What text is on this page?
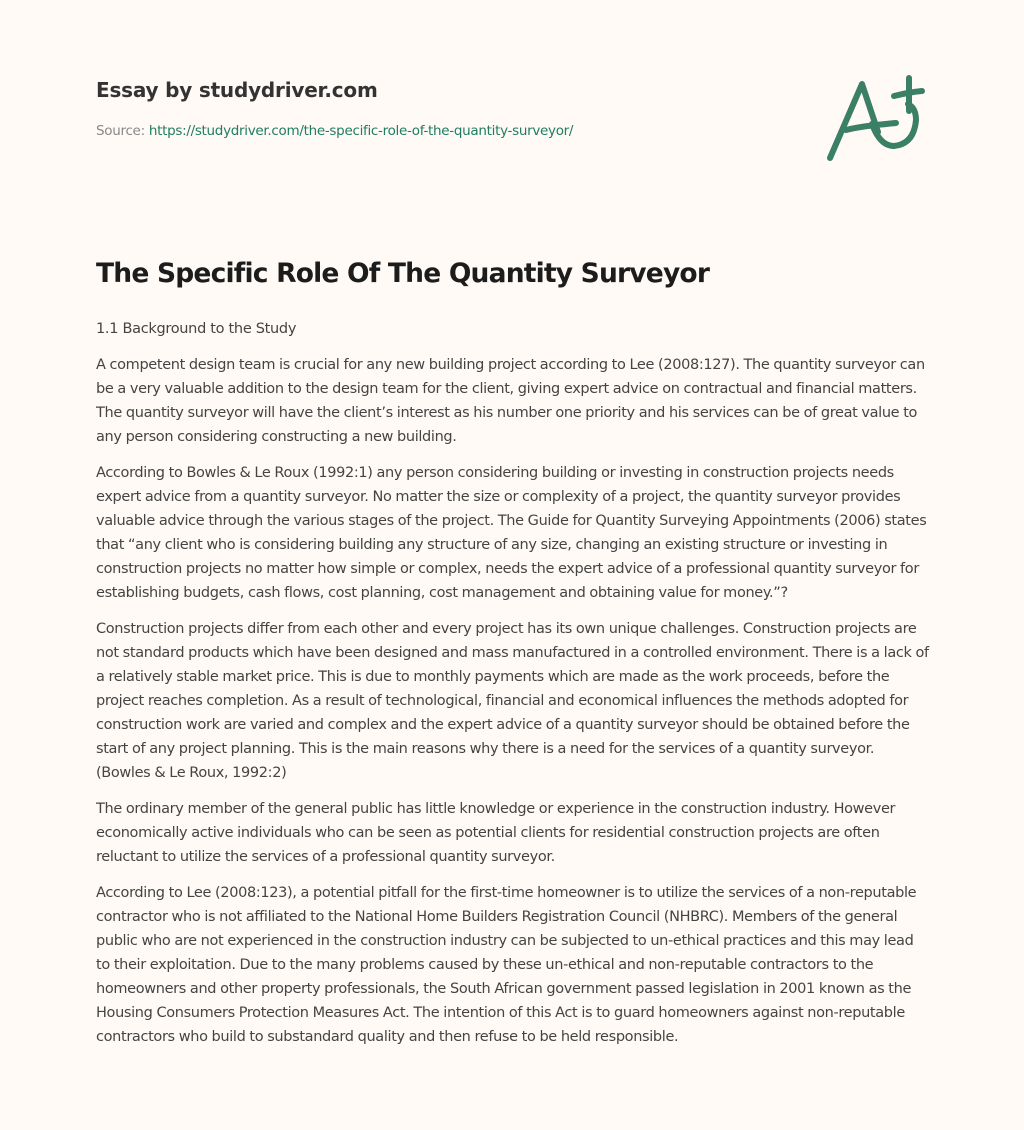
Essay by studydriver.com
Source: https://studydriver.com/the-specific-role-of-the-quantity-surveyor/
The Specific Role Of The Quantity Surveyor

1.1 Background to the Study

A competent design team is crucial for any new building project according to Lee (2008:127). The quantity surveyor can be a very valuable addition to the design team for the client, giving expert advice on contractual and financial matters. The quantity surveyor will have the client’s interest as his number one priority and his services can be of great value to any person considering constructing a new building.

According to Bowles & Le Roux (1992:1) any person considering building or investing in construction projects needs expert advice from a quantity surveyor. No matter the size or complexity of a project, the quantity surveyor provides valuable advice through the various stages of the project. The Guide for Quantity Surveying Appointments (2006) states that “any client who is considering building any structure of any size, changing an existing structure or investing in construction projects no matter how simple or complex, needs the expert advice of a professional quantity surveyor for establishing budgets, cash flows, cost planning, cost management and obtaining value for money.”?

Construction projects differ from each other and every project has its own unique challenges. Construction projects are not standard products which have been designed and mass manufactured in a controlled environment. There is a lack of a relatively stable market price. This is due to monthly payments which are made as the work proceeds, before the project reaches completion. As a result of technological, financial and economical influences the methods adopted for construction work are varied and complex and the expert advice of a quantity surveyor should be obtained before the start of any project planning. This is the main reasons why there is a need for the services of a quantity surveyor. (Bowles & Le Roux, 1992:2)

The ordinary member of the general public has little knowledge or experience in the construction industry. However economically active individuals who can be seen as potential clients for residential construction projects are often reluctant to utilize the services of a professional quantity surveyor.

According to Lee (2008:123), a potential pitfall for the first-time homeowner is to utilize the services of a non-reputable contractor who is not affiliated to the National Home Builders Registration Council (NHBRC). Members of the general public who are not experienced in the construction industry can be subjected to un-ethical practices and this may lead to their exploitation. Due to the many problems caused by these un-ethical and non-reputable contractors to the homeowners and other property professionals, the South African government passed legislation in 2001 known as the Housing Consumers Protection Measures Act. The intention of this Act is to guard homeowners against non-reputable contractors who build to substandard quality and then refuse to be held responsible.
